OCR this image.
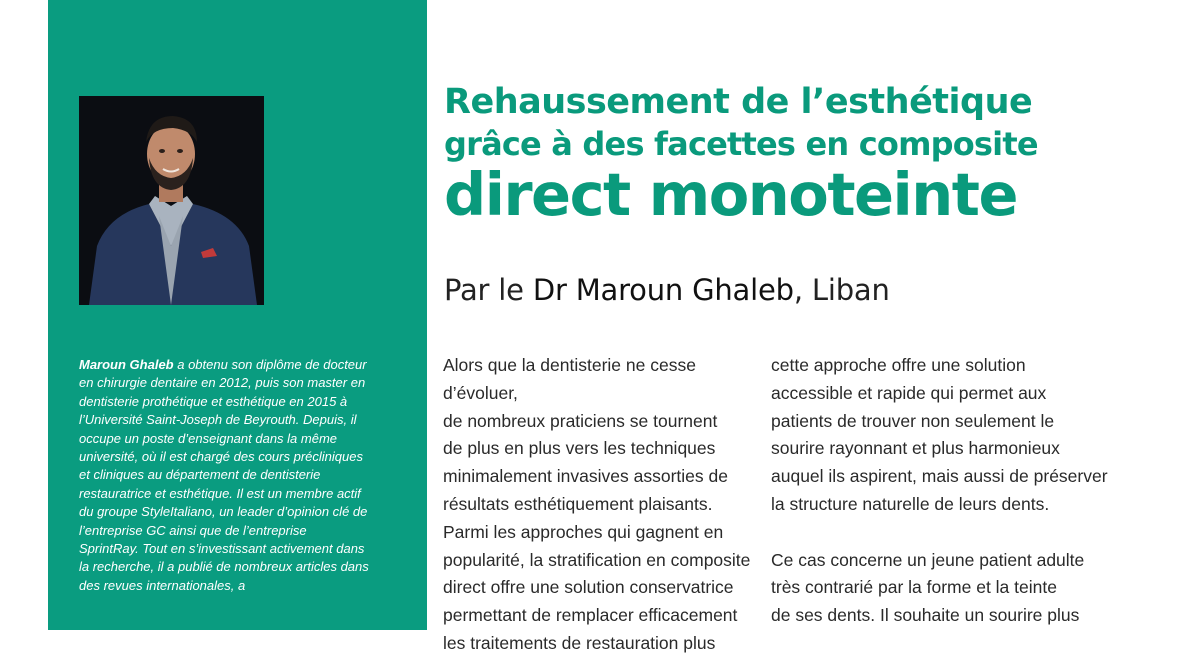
Maroun Ghaleb a obtenu son diplôme de docteur en chirurgie dentaire en 2012, puis son master en dentisterie prothétique et esthétique en 2015 à l’Université Saint-Joseph de Beyrouth. Depuis, il occupe un poste d’enseignant dans la même université, où il est chargé des cours précliniques et cliniques au département de dentisterie restauratrice et esthétique. Il est un membre actif du groupe StyleItaliano, un leader d’opinion clé de l’entreprise GC ainsi que de l’entreprise SprintRay. Tout en s’investissant activement dans la recherche, il a publié de nombreux articles dans des revues internationales, a
Rehaussement de l’esthétique
grâce à des facettes en composite
direct monoteinte
Par le Dr Maroun Ghaleb, Liban

Alors que la dentisterie ne cesse d’évoluer,
de nombreux praticiens se tournent
de plus en plus vers les techniques
minimalement invasives assorties de
résultats esthétiquement plaisants.
Parmi les approches qui gagnent en
popularité, la stratification en composite
direct offre une solution conservatrice
permettant de remplacer efficacement
les traitements de restauration plus

cette approche offre une solution
accessible et rapide qui permet aux
patients de trouver non seulement le
sourire rayonnant et plus harmonieux
auquel ils aspirent, mais aussi de préserver
la structure naturelle de leurs dents.

Ce cas concerne un jeune patient adulte
très contrarié par la forme et la teinte
de ses dents. Il souhaite un sourire plus
